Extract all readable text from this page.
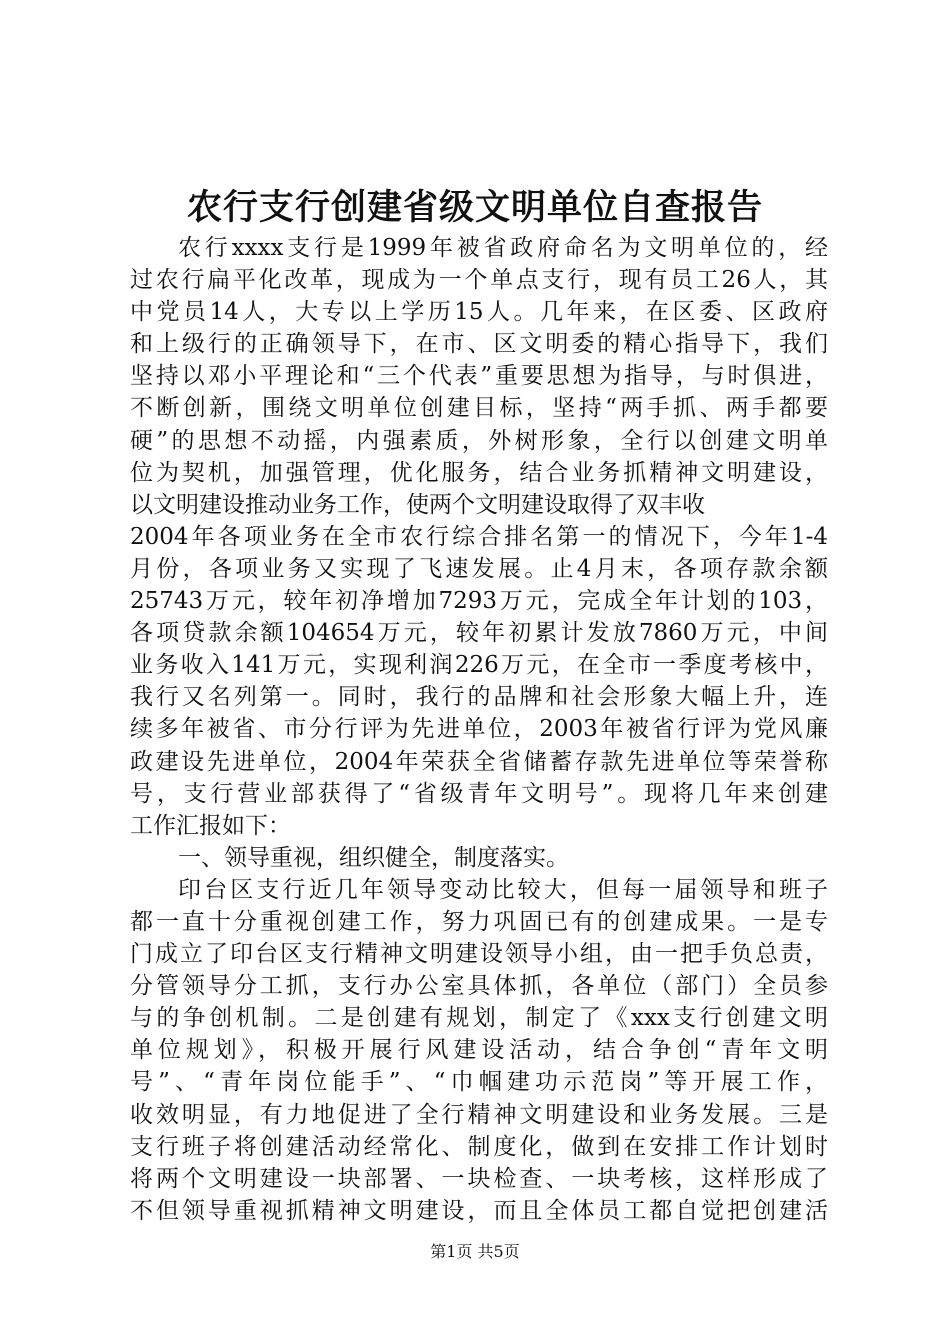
农行支行创建省级文明单位自查报告
农行xxxx支行是1999年被省政府命名为文明单位的，经
过农行扁平化改革，现成为一个单点支行，现有员工26人，其
中党员14人，大专以上学历15人。几年来，在区委、区政府
和上级行的正确领导下，在市、区文明委的精心指导下，我们
坚持以邓小平理论和“三个代表”重要思想为指导，与时俱进，
不断创新，围绕文明单位创建目标，坚持“两手抓、两手都要
硬”的思想不动摇，内强素质，外树形象，全行以创建文明单
位为契机，加强管理，优化服务，结合业务抓精神文明建设，
以文明建设推动业务工作，使两个文明建设取得了双丰收
2004年各项业务在全市农行综合排名第一的情况下，今年1-4
月份，各项业务又实现了飞速发展。止4月末，各项存款余额
25743万元，较年初净增加7293万元，完成全年计划的103，
各项贷款余额104654万元，较年初累计发放7860万元，中间
业务收入141万元，实现利润226万元，在全市一季度考核中，
我行又名列第一。同时，我行的品牌和社会形象大幅上升，连
续多年被省、市分行评为先进单位，2003年被省行评为党风廉
政建设先进单位，2004年荣获全省储蓄存款先进单位等荣誉称
号，支行营业部获得了“省级青年文明号”。现将几年来创建
工作汇报如下：
一、领导重视，组织健全，制度落实。
印台区支行近几年领导变动比较大，但每一届领导和班子
都一直十分重视创建工作，努力巩固已有的创建成果。一是专
门成立了印台区支行精神文明建设领导小组，由一把手负总责，
分管领导分工抓，支行办公室具体抓，各单位（部门）全员参
与的争创机制。二是创建有规划，制定了《xxx支行创建文明
单位规划》，积极开展行风建设活动，结合争创“青年文明
号”、“青年岗位能手”、“巾帼建功示范岗”等开展工作，
收效明显，有力地促进了全行精神文明建设和业务发展。三是
支行班子将创建活动经常化、制度化，做到在安排工作计划时
将两个文明建设一块部署、一块检查、一块考核，这样形成了
不但领导重视抓精神文明建设，而且全体员工都自觉把创建活
第1页 共5页
